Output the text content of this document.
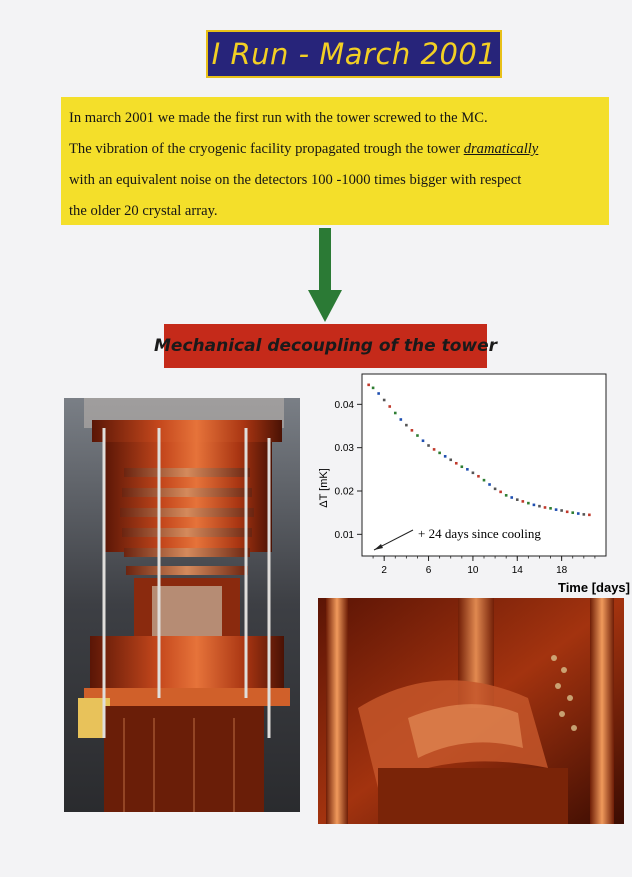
I Run - March 2001
In march 2001 we made the first run with the tower screwed to the MC.
The vibration of the cryogenic facility propagated trough the tower dramatically
with an equivalent noise on the detectors 100 -1000 times bigger with respect
the older 20 crystal array.
Mechanical decoupling of the tower
2	6	10	14	18
0.01
0.02
0.03
0.04
ΔT [mK]
Time [days]
+ 24 days since cooling
